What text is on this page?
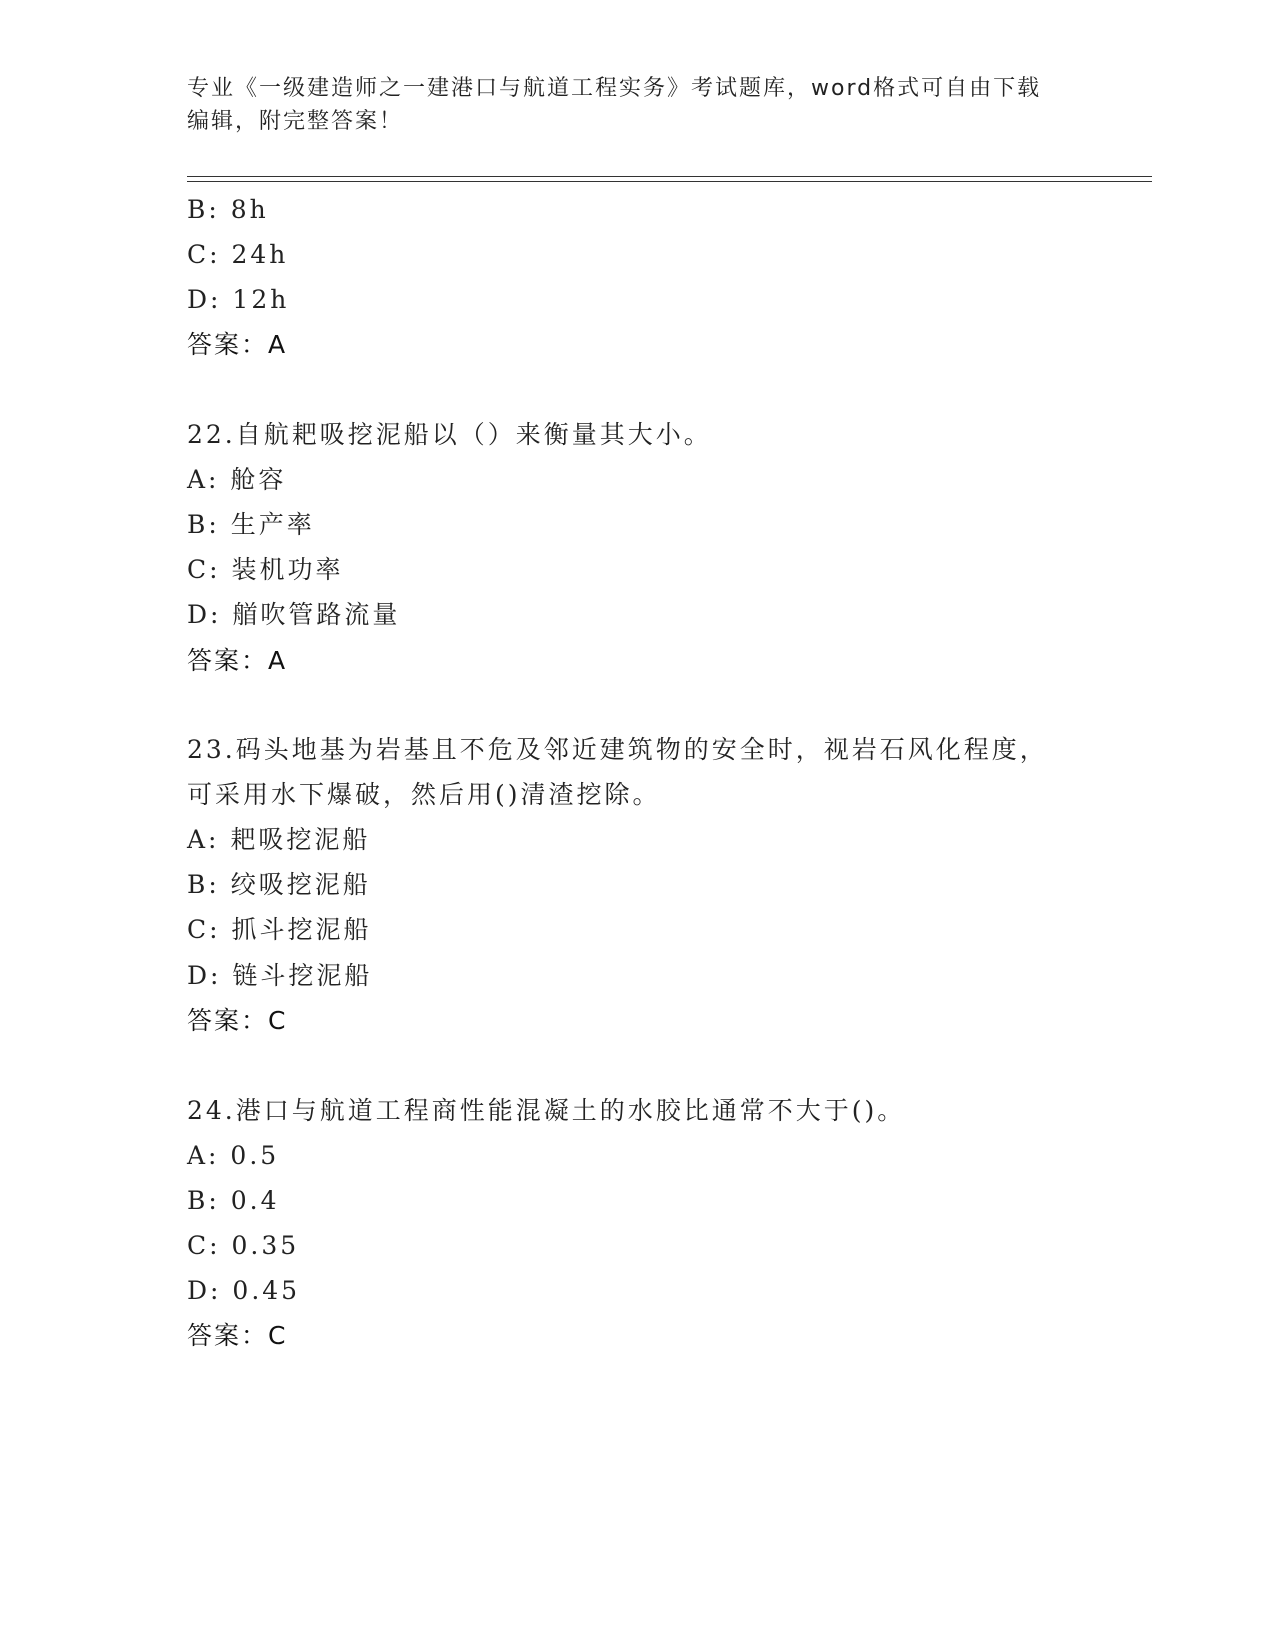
专业《一级建造师之一建港口与航道工程实务》考试题库，word格式可自由下载
编辑，附完整答案！
B: 8h
C: 24h
D: 12h
答案：A
22.自航耙吸挖泥船以（）来衡量其大小。
A: 舱容
B: 生产率
C: 装机功率
D: 艏吹管路流量
答案：A
23.码头地基为岩基且不危及邻近建筑物的安全时，视岩石风化程度，
可采用水下爆破，然后用()清渣挖除。
A: 耙吸挖泥船
B: 绞吸挖泥船
C: 抓斗挖泥船
D: 链斗挖泥船
答案：C
24.港口与航道工程商性能混凝土的水胶比通常不大于()。
A: 0.5
B: 0.4
C: 0.35
D: 0.45
答案：C
